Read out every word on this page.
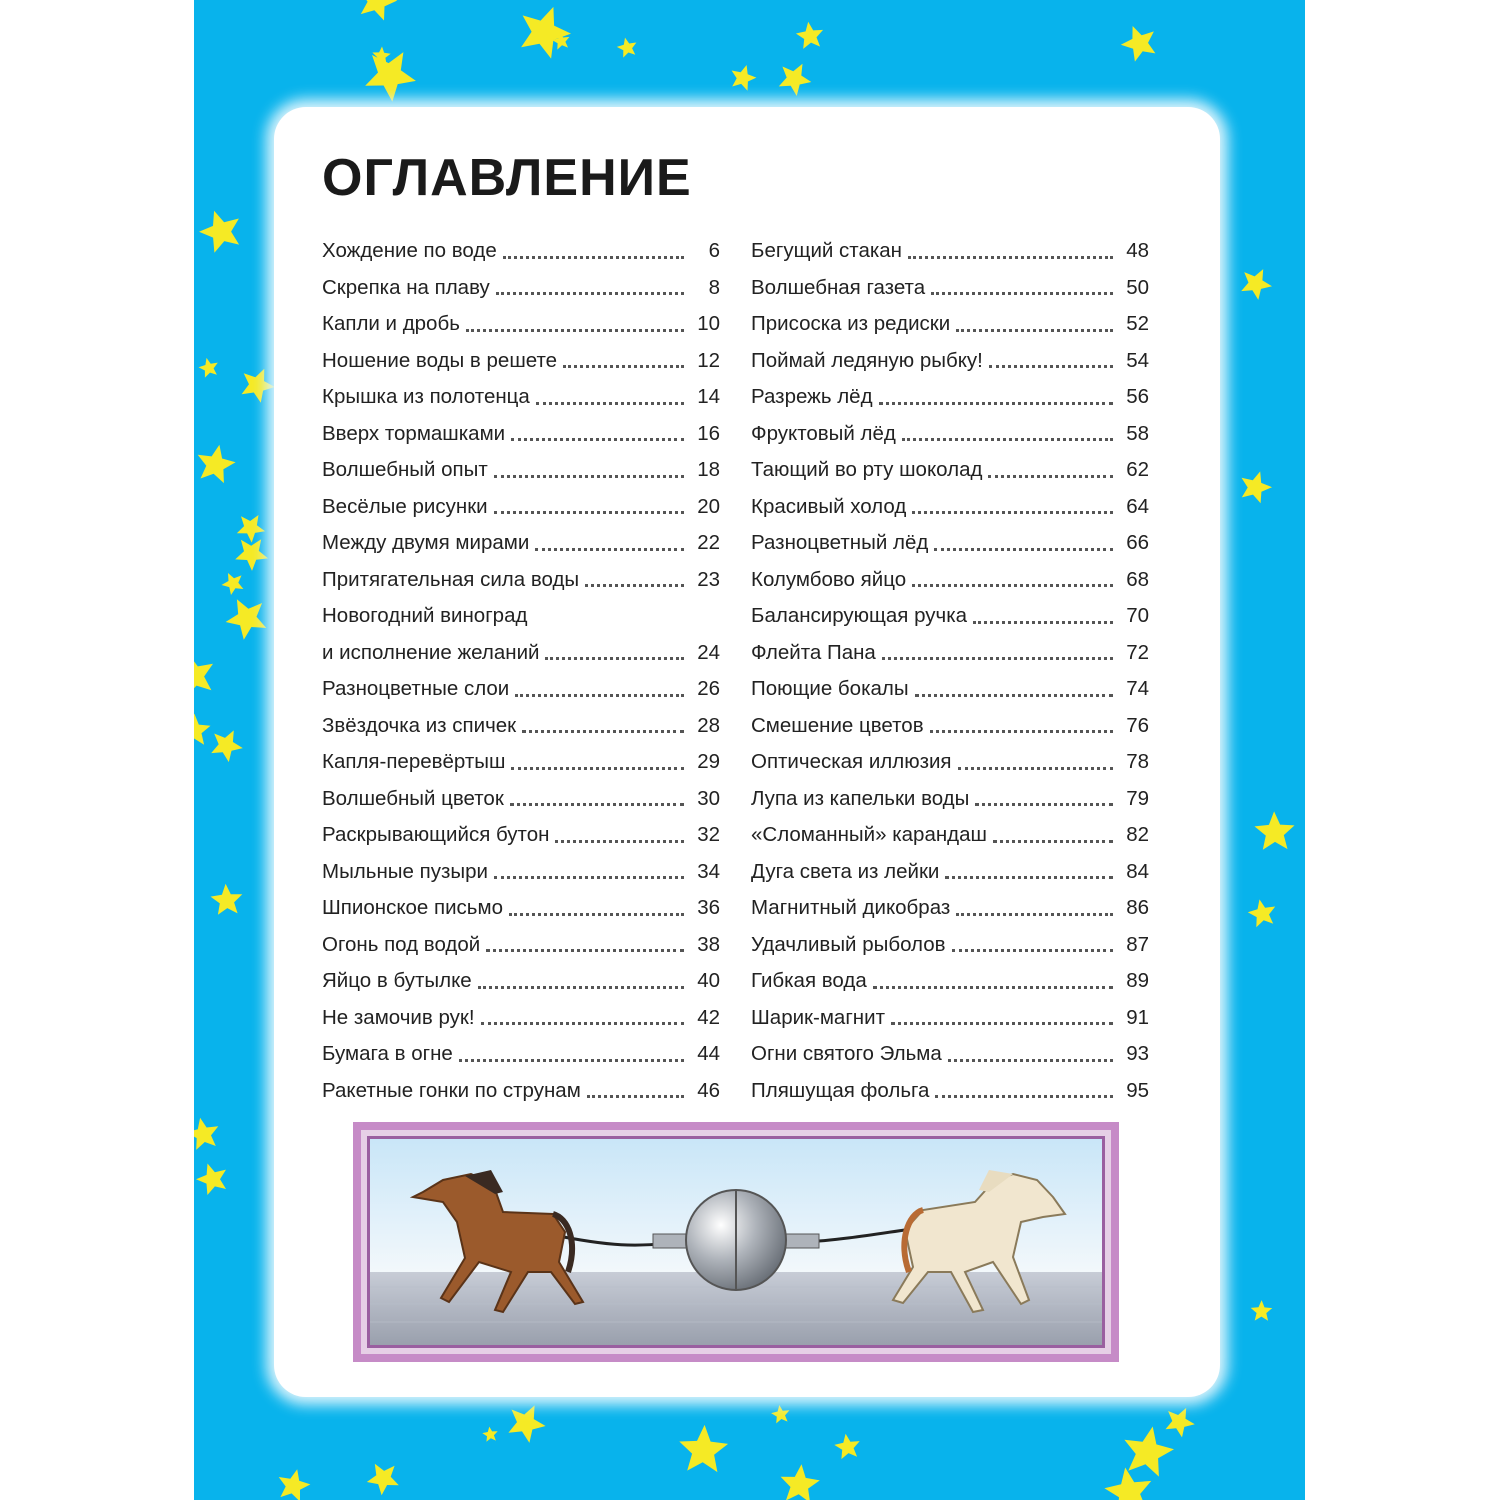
ОГЛАВЛЕНИЕ
Хождение по воде	6
Скрепка на плаву	8
Капли и дробь	10
Ношение воды в решете	12
Крышка из полотенца	14
Вверх тормашками	16
Волшебный опыт	18
Весёлые рисунки	20
Между двумя мирами	22
Притягательная сила воды	23
Новогодний виноград
и исполнение желаний	24
Разноцветные слои	26
Звёздочка из спичек	28
Капля-перевёртыш	29
Волшебный цветок	30
Раскрывающийся бутон	32
Мыльные пузыри	34
Шпионское письмо	36
Огонь под водой	38
Яйцо в бутылке	40
Не замочив рук!	42
Бумага в огне	44
Ракетные гонки по струнам	46
Бегущий стакан	48
Волшебная газета	50
Присоска из редиски	52
Поймай ледяную рыбку!	54
Разрежь лёд	56
Фруктовый лёд	58
Тающий во рту шоколад	62
Красивый холод	64
Разноцветный лёд	66
Колумбово яйцо	68
Балансирующая ручка	70
Флейта Пана	72
Поющие бокалы	74
Смешение цветов	76
Оптическая иллюзия	78
Лупа из капельки воды	79
«Сломанный» карандаш	82
Дуга света из лейки	84
Магнитный дикобраз	86
Удачливый рыболов	87
Гибкая вода	89
Шарик-магнит	91
Огни святого Эльма	93
Пляшущая фольга	95
